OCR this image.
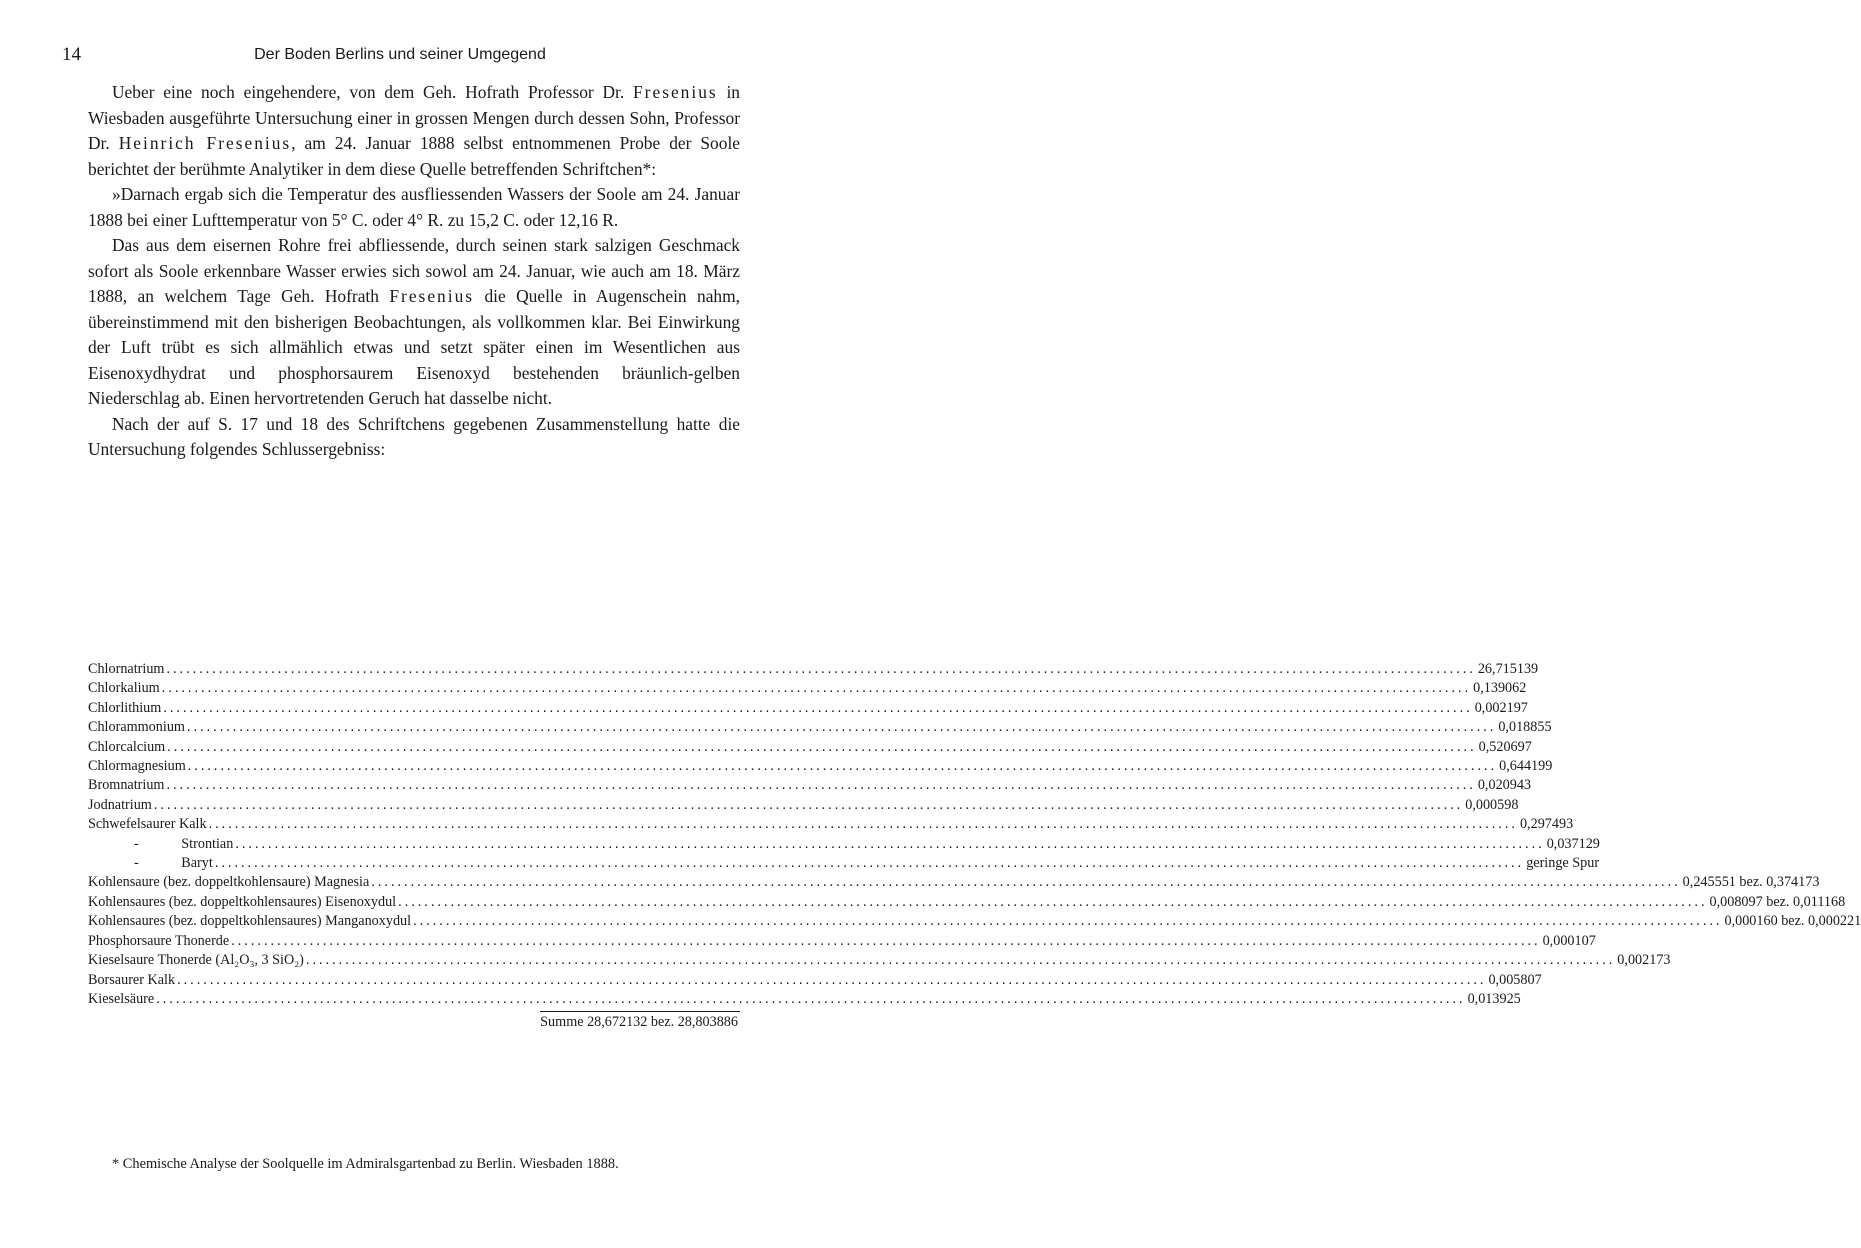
14	Der Boden Berlins und seiner Umgegend

Ueber eine noch eingehendere, von dem Geh. Hofrath Professor Dr. Fresenius in Wiesbaden ausgeführte Untersuchung einer in grossen Mengen durch dessen Sohn, Professor Dr. Heinrich Fresenius, am 24. Januar 1888 selbst entnommenen Probe der Soole berichtet der berühmte Analytiker in dem diese Quelle betreffenden Schriftchen*:

»Darnach ergab sich die Temperatur des ausfliessenden Wassers der Soole am 24. Januar 1888 bei einer Lufttemperatur von 5° C. oder 4° R. zu 15,2 C. oder 12,16 R.

Das aus dem eisernen Rohre frei abfliessende, durch seinen stark salzigen Geschmack sofort als Soole erkennbare Wasser erwies sich sowol am 24. Januar, wie auch am 18. März 1888, an welchem Tage Geh. Hofrath Fresenius die Quelle in Augenschein nahm, übereinstimmend mit den bisherigen Beobachtungen, als vollkommen klar. Bei Einwirkung der Luft trübt es sich allmählich etwas und setzt später einen im Wesentlichen aus Eisenoxydhydrat und phosphorsaurem Eisenoxyd bestehenden bräunlich-gelben Niederschlag ab. Einen hervortretenden Geruch hat dasselbe nicht.

Nach der auf S. 17 und 18 des Schriftchens gegebenen Zusammenstellung hatte die Untersuchung folgendes Schlussergebniss:

Chlornatrium ........................................................................................................................................................................................................ 26,715139
Chlorkalium ........................................................................................................................................................................................................ 0,139062
Chlorlithium ........................................................................................................................................................................................................ 0,002197
Chlorammonium ........................................................................................................................................................................................................ 0,018855
Chlorcalcium ........................................................................................................................................................................................................ 0,520697
Chlormagnesium ........................................................................................................................................................................................................ 0,644199
Bromnatrium ........................................................................................................................................................................................................ 0,020943
Jodnatrium ........................................................................................................................................................................................................ 0,000598
Schwefelsaurer Kalk ........................................................................................................................................................................................................ 0,297493
-            Strontian ........................................................................................................................................................................................................ 0,037129
-            Baryt ........................................................................................................................................................................................................ geringe Spur
Kohlensaure (bez. doppeltkohlensaure) Magnesia ........................................................................................................................................................................................................ 0,245551 bez. 0,374173
Kohlensaures (bez. doppeltkohlensaures) Eisenoxydul ........................................................................................................................................................................................................ 0,008097 bez. 0,011168
Kohlensaures (bez. doppeltkohlensaures) Manganoxydul ........................................................................................................................................................................................................ 0,000160 bez. 0,000221
Phosphorsaure Thonerde ........................................................................................................................................................................................................ 0,000107
Kieselsaure Thonerde (Al₂O₃, 3 SiO₂) ........................................................................................................................................................................................................ 0,002173
Borsaurer Kalk ........................................................................................................................................................................................................ 0,005807
Kieselsäure ........................................................................................................................................................................................................ 0,013925
Summe 28,672132 bez. 28,803886

* Chemische Analyse der Soolquelle im Admiralsgartenbad zu Berlin. Wiesbaden 1888.
